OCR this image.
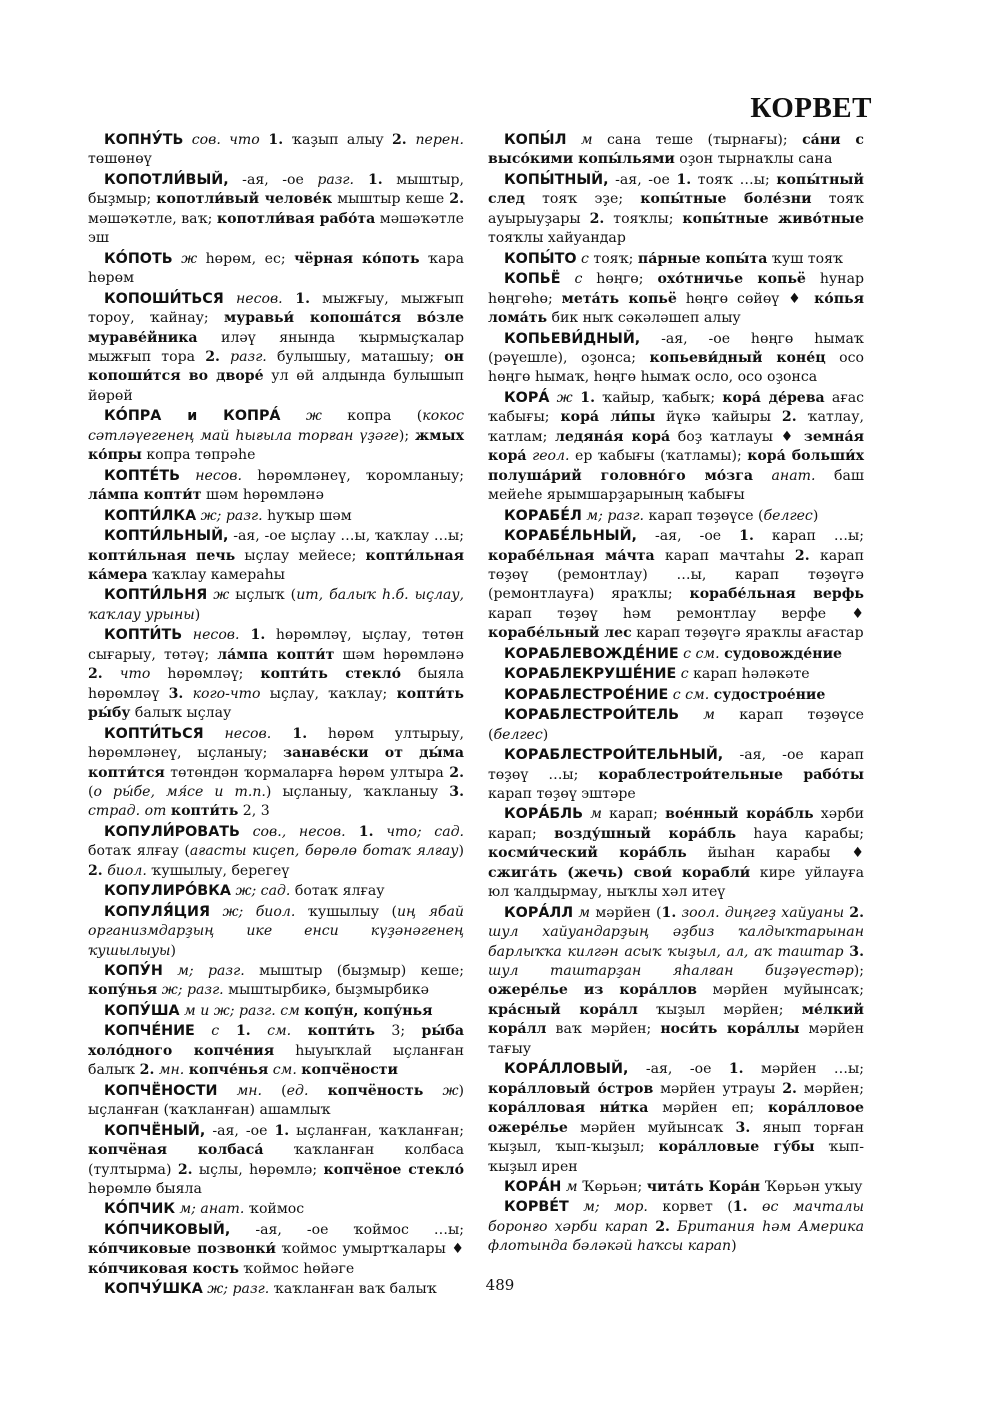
КОРВЕТ

КОПНУ́ТЬ сов. что 1. ҡаҙып алыу 2. перен. төшөнөү

КОПОТЛИ́ВЫЙ, -ая, -ое разг. 1. мыштыр, быҙмыр; копотли́вый челове́к мыштыр кеше 2. мәшәҡәтле, ваҡ; копотли́вая рабо́та мәшәҡәтле эш

КО́ПОТЬ ж һөрөм, ес; чёрная ко́поть ҡара һөрөм

КОПОШИ́ТЬСЯ несов. 1. мыжғыу, мыжғып тороу, ҡайнау; муравьи́ копоша́тся во́зле мураве́йника иләү янында ҡырмыҫҡалар мыжғып тора 2. разг. булышыу, маташыу; он копоши́тся во дворе́ ул өй алдында булышып йөрөй

КО́ПРА и КОПРА́ ж копра (кокос сәтләүегенең май һығыла торған үҙәге); жмых ко́пры копра төпрәһе

КОПТЕ́ТЬ несов. һөрөмләнеү, ҡоромланыу; ла́мпа копти́т шәм һөрөмләнә

КОПТИ́ЛКА ж; разг. һуҡыр шәм

КОПТИ́ЛЬНЫЙ, -ая, -ое ыҫлау …ы, ҡаҡлау …ы; копти́льная печь ыҫлау мейесе; копти́льная ка́мера ҡаҡлау камераһы

КОПТИ́ЛЬНЯ ж ыҫлыҡ (ит, балыҡ һ.б. ыҫлау, ҡаҡлау урыны)

КОПТИ́ТЬ несов. 1. һөрөмләү, ыҫлау, төтөн сығарыу, төтәү; ла́мпа копти́т шәм һөрөмләнә 2. что һөрөмләү; копти́ть стекло́ быяла һөрөмләү 3. кого-что ыҫлау, ҡаҡлау; копти́ть ры́бу балыҡ ыҫлау

КОПТИ́ТЬСЯ несов. 1. һөрөм ултырыу, һөрөмләнеү, ыҫланыу; занаве́ски от ды́ма копти́тся төтөндән ҡормаларға һөрөм ултыра 2. (о ры́бе, мя́се и т.п.) ыҫланыу, ҡаҡланыу 3. страд. от копти́ть 2, 3

КОПУЛИ́РОВАТЬ сов., несов. 1. что; сад. ботаҡ ялғау (ағасты киҫеп, бөрөлө ботаҡ ялғау) 2. биол. ҡушылыу, берегеү

КОПУЛИРО́ВКА ж; сад. ботаҡ ялғау

КОПУЛЯ́ЦИЯ ж; биол. ҡушылыу (иң ябай организмдарҙың ике енси күҙәнәгенең ҡушылыуы)

КОПУ́Н м; разг. мыштыр (быҙмыр) кеше; копу́нья ж; разг. мыштырбикә, быҙмырбикә

КОПУ́ША м и ж; разг. см копу́н, копу́нья

КОПЧЕ́НИЕ с 1. см. копти́ть 3; ры́ба холо́дного копче́ния һыуыҡлай ыҫланған балыҡ 2. мн. копче́нья см. копчёности

КОПЧЁНОСТИ мн. (ед. копчёность ж) ыҫланған (ҡаҡланған) ашамлыҡ

КОПЧЁНЫЙ, -ая, -ое 1. ыҫланған, ҡаҡланған; копчёная колбаса́ ҡаҡланған колбаса (тултырма) 2. ыҫлы, һөрөмлә; копчёное стекло́ һөрөмлө быяла

КО́ПЧИК м; анат. ҡоймос

КО́ПЧИКОВЫЙ, -ая, -ое ҡоймос …ы; ко́пчиковые позвонки́ ҡоймос умыртҡалары ♦ ко́пчиковая кость ҡоймос һөйәге

КОПЧУ́ШКА ж; разг. ҡаҡланған ваҡ балыҡ

КОПЫ́Л м сана теше (тырнағы); са́ни с высо́кими копы́льями оҙон тырнаҡлы сана

КОПЫ́ТНЫЙ, -ая, -ое 1. тояҡ …ы; копы́тный след тояҡ эҙе; копы́тные боле́зни тояҡ ауырыуҙары 2. тояҡлы; копы́тные живо́тные тояҡлы хайуандар

КОПЫ́ТО с тояҡ; па́рные копы́та ҡуш тояҡ

КОПЬЁ с һөңгө; охо́тничье копьё һунар һөңгөһө; мета́ть копьё һөңгө сөйөү ♦ ко́пья лома́ть бик ныҡ сәкәләшеп алыу

КОПЬЕВИ́ДНЫЙ, -ая, -ое һөңгө һымаҡ (рәүешле), оҙонса; копьеви́дный коне́ц осо һөңгө һымаҡ, һөңгө һымаҡ осло, осо оҙонса

КОРА́ ж 1. ҡайыр, ҡабыҡ; кора́ де́рева ағас ҡабығы; кора́ ли́пы йүкә ҡайыры 2. ҡатлау, ҡатлам; ледяна́я кора́ боҙ ҡатлауы ♦ земна́я кора́ геол. ер ҡабығы (ҡатламы); кора́ больши́х полуша́рий головно́го мо́зга анат. баш мейеһе ярымшарҙарының ҡабығы

КОРАБЕ́Л м; разг. карап төҙөүсе (белгес)

КОРАБЕ́ЛЬНЫЙ, -ая, -ое 1. карап …ы; корабе́льная ма́чта карап мачтаһы 2. карап төҙөү (ремонтлау) …ы, карап төҙөүгә (ремонтлауға) яраҡлы; корабе́льная верфь карап төҙөү һәм ремонтлау верфе ♦ корабе́льный лес карап төҙөүгә яраҡлы ағастар

КОРАБЛЕВОЖДЕ́НИЕ с см. судовожде́ние

КОРАБЛЕКРУШЕ́НИЕ с карап һәләкәте

КОРАБЛЕСТРОЕ́НИЕ с см. судострое́ние

КОРАБЛЕСТРОИ́ТЕЛЬ м карап төҙөүсе (белгес)

КОРАБЛЕСТРОИ́ТЕЛЬНЫЙ, -ая, -ое карап төҙөү …ы; кораблестрои́тельные рабо́ты карап төҙөү эштәре

КОРА́БЛЬ м карап; вое́нный кора́бль хәрби карап; возду́шный кора́бль һауа карабы; косми́ческий кора́бль йыһан карабы ♦ сжига́ть (жечь) свои́ корабли́ кире уйлауға юл ҡалдырмау, ныҡлы хәл итеү

КОРА́ЛЛ м мәрйен (1. зоол. диңгеҙ хайуаны 2. шул хайуандарҙың әҙбиз ҡалдыҡтарынан барлыҡҡа килгән асыҡ ҡыҙыл, ал, аҡ таштар 3. шул таштарҙан яһалған биҙәүестәр); ожере́лье из кора́ллов мәрйен муйынсаҡ; кра́сный кора́лл ҡыҙыл мәрйен; ме́лкий кора́лл ваҡ мәрйен; носи́ть кора́ллы мәрйен тағыу

КОРА́ЛЛОВЫЙ, -ая, -ое 1. мәрйен …ы; кора́лловый о́стров мәрйен утрауы 2. мәрйен; кора́лловая ни́тка мәрйен еп; кора́лловое ожере́лье мәрйен муйынсаҡ 3. янып торған ҡыҙыл, ҡып-ҡыҙыл; кора́лловые гу́бы ҡып-ҡыҙыл ирен

КОРА́Н м Ҡөрьән; чита́ть Кора́н Ҡөрьән уҡыу

КОРВЕ́Т м; мор. корвет (1. өс мачталы боронғо хәрби карап 2. Британия һәм Америка флотында бәләкәй һаҡсы карап)

489
